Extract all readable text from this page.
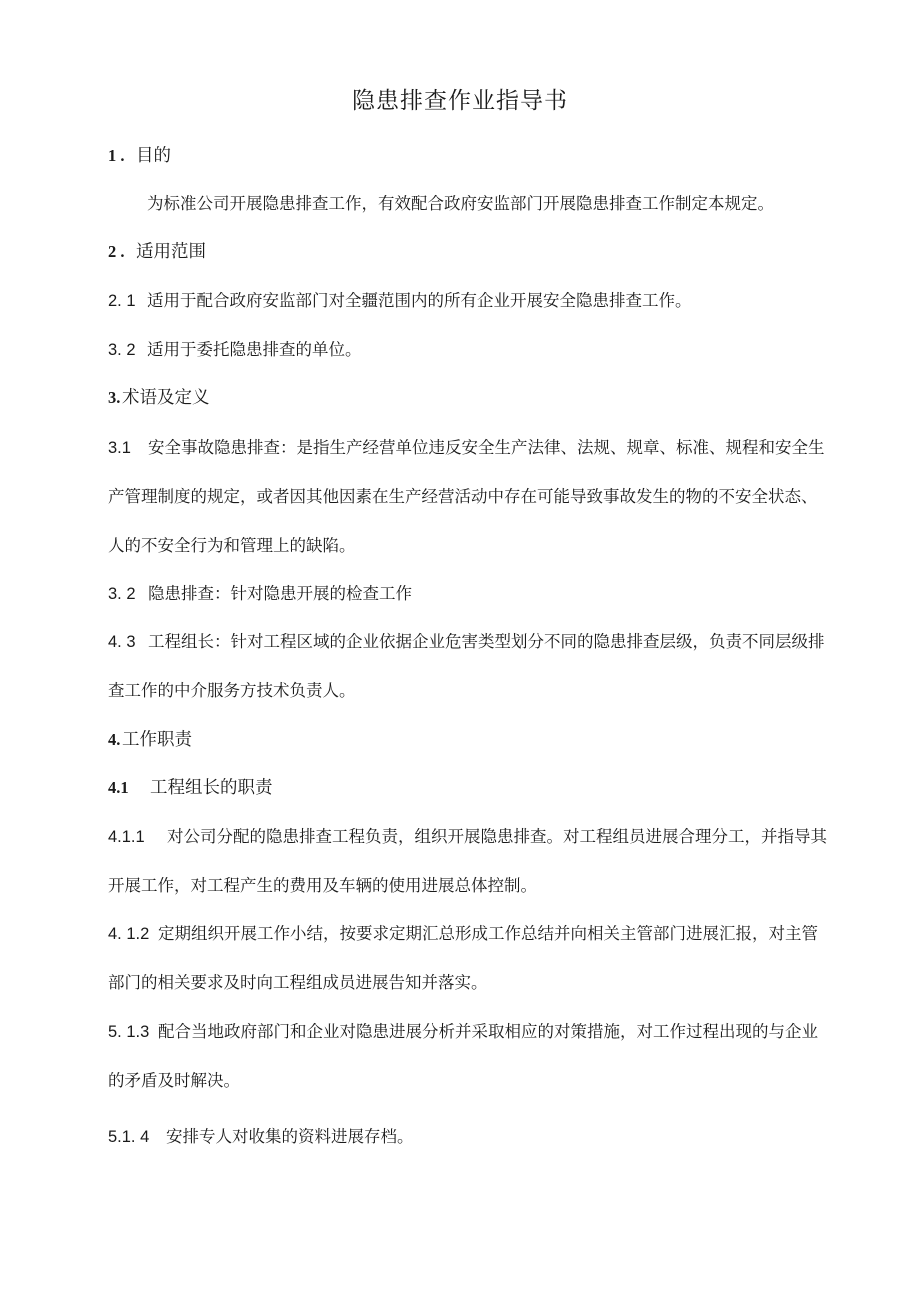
隐患排查作业指导书
1 . 目的
为标准公司开展隐患排查工作，有效配合政府安监部门开展隐患排查工作制定本规定。
2 . 适用范围
2. 1 适用于配合政府安监部门对全疆范围内的所有企业开展安全隐患排查工作。
3. 2 适用于委托隐患排查的单位。
3. 术语及定义
3.1 安全事故隐患排查：是指生产经营单位违反安全生产法律、法规、规章、标准、规程和安全生
产管理制度的规定，或者因其他因素在生产经营活动中存在可能导致事故发生的物的不安全状态、
人的不安全行为和管理上的缺陷。
3. 2 隐患排查：针对隐患开展的检查工作
4. 3 工程组长：针对工程区域的企业依据企业危害类型划分不同的隐患排查层级，负责不同层级排
查工作的中介服务方技术负责人。
4. 工作职责
4.1 工程组长的职责
4.1.1 对公司分配的隐患排查工程负责，组织开展隐患排查。对工程组员进展合理分工，并指导其
开展工作，对工程产生的费用及车辆的使用进展总体控制。
4. 1.2 定期组织开展工作小结，按要求定期汇总形成工作总结并向相关主管部门进展汇报，对主管
部门的相关要求及时向工程组成员进展告知并落实。
5. 1.3 配合当地政府部门和企业对隐患进展分析并采取相应的对策措施，对工作过程出现的与企业
的矛盾及时解决。
5.1. 4 安排专人对收集的资料进展存档。
